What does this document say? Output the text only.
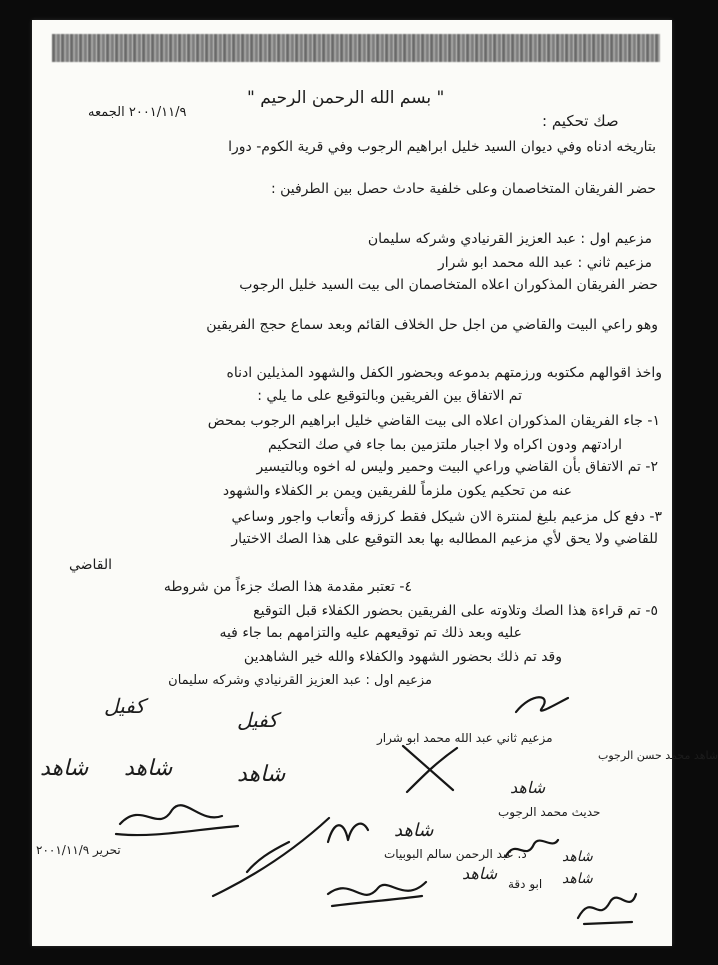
" بسم الله الرحمن الرحيم "
صك تحكيم :
٢٠٠١/١١/٩ الجمعه
بتاريخه ادناه وفي ديوان السيد خليل ابراهيم الرجوب وفي قرية الكوم- دورا
حضر الفريقان المتخاصمان وعلى خلفية حادث حصل بين الطرفين :
مزعيم اول : عبد العزيز القرنيادي وشركه سليمان
مزعيم ثاني : عبد الله محمد ابو شرار
حضر الفريقان المذكوران اعلاه المتخاصمان الى بيت السيد خليل الرجوب
وهو راعي البيت والقاضي من اجل حل الخلاف القائم وبعد سماع حجج الفريقين
واخذ اقوالهم مكتوبه ورزمتهم بدموعه وبحضور الكفل والشهود المذيلين ادناه
تم الاتفاق بين الفريقين وبالتوقيع على ما يلي :
١- جاء الفريقان المذكوران اعلاه الى بيت القاضي خليل ابراهيم الرجوب بمحض
ارادتهم ودون اكراه ولا اجبار ملتزمين بما جاء في صك التحكيم
٢- تم الاتفاق بأن القاضي وراعي البيت وحمير وليس له اخوه وبالتيسير
عنه من تحكيم يكون ملزماً للفريقين ويمن بر الكفلاء والشهود
٣- دفع كل مزعيم بليغ لمنترة الان شيكل فقط كرزقه وأتعاب واجور وساعي
للقاضي ولا يحق لأي مزعيم المطالبه بها بعد التوقيع على هذا الصك الاختيار
القاضي
٤- تعتبر مقدمة هذا الصك جزءاً من شروطه
٥- تم قراءة هذا الصك وتلاوته على الفريقين بحضور الكفلاء قبل التوقيع
عليه وبعد ذلك تم توقيعهم عليه والتزامهم بما جاء فيه
وقد تم ذلك بحضور الشهود والكفلاء والله خير الشاهدين
مزعيم اول : عبد العزيز القرنيادي وشركه سليمان
كفيل
كفيل
مزعيم ثاني عبد الله محمد ابو شرار
شاهد شاهد	شاهد
شاهد محمد حسن الرجوب
شاهد
حديث محمد الرجوب
شاهد
تحرير ٢٠٠١/١١/٩	د. عبد الرحمن سالم البوبيات
ابو دقة
شاهد
شاهد
شاهد
